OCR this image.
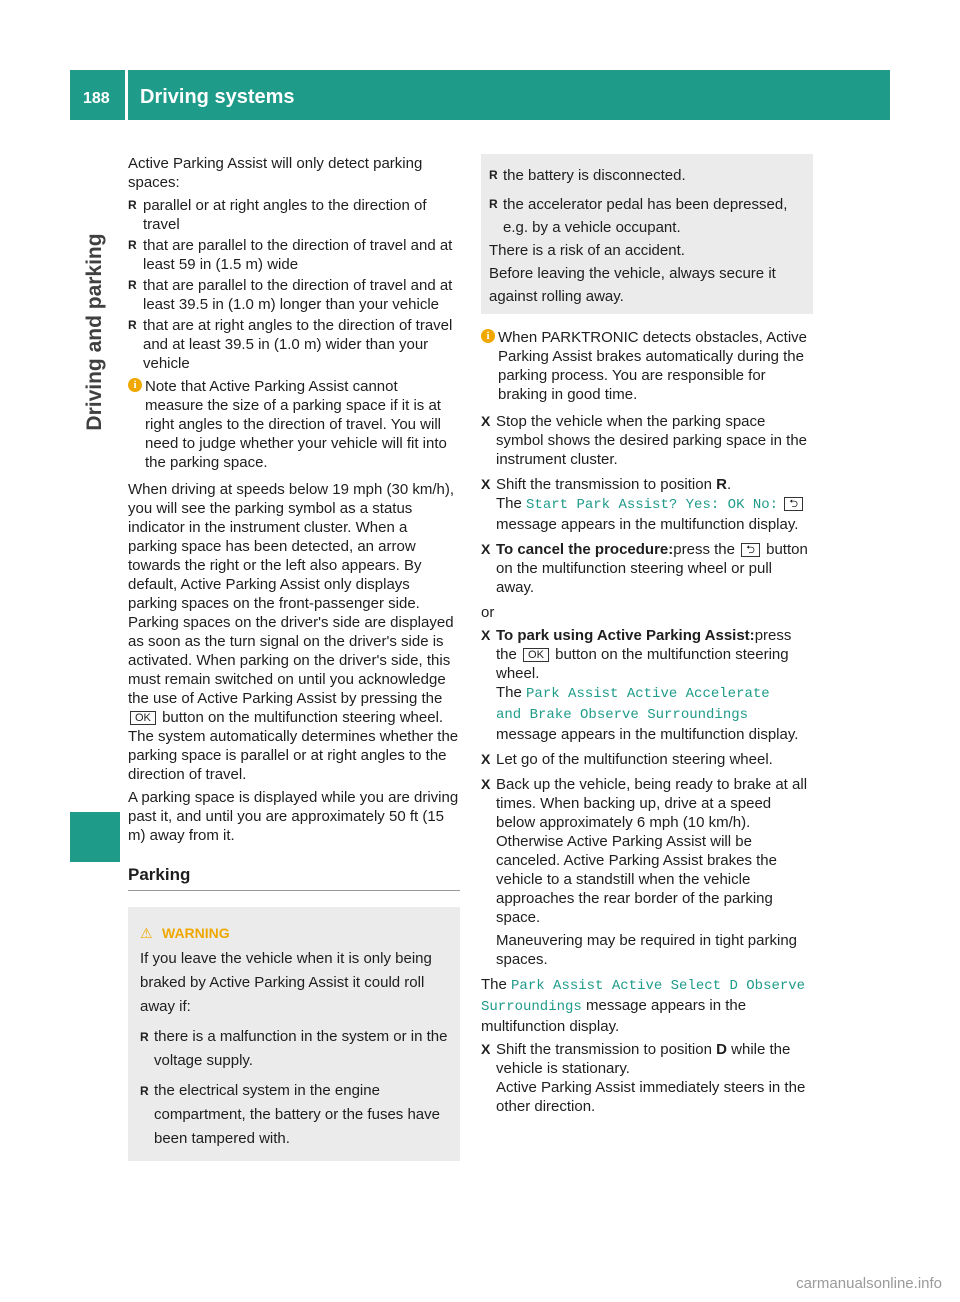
188 Driving systems
Driving and parking

Active Parking Assist will only detect parking spaces:

R parallel or at right angles to the direction of travel
R that are parallel to the direction of travel and at least 59 in (1.5 m) wide
R that are parallel to the direction of travel and at least 39.5 in (1.0 m) longer than your vehicle
R that are at right angles to the direction of travel and at least 39.5 in (1.0 m) wider than your vehicle
i Note that Active Parking Assist cannot measure the size of a parking space if it is at right angles to the direction of travel. You will need to judge whether your vehicle will fit into the parking space.

When driving at speeds below 19 mph (30 km/h), you will see the parking symbol as a status indicator in the instrument cluster. When a parking space has been detected, an arrow towards the right or the left also appears. By default, Active Parking Assist only displays parking spaces on the front-passenger side. Parking spaces on the driver's side are displayed as soon as the turn signal on the driver's side is activated. When parking on the driver's side, this must remain switched on until you acknowledge the use of Active Parking Assist by pressing the OK button on the multifunction steering wheel. The system automatically determines whether the parking space is parallel or at right angles to the direction of travel.

A parking space is displayed while you are driving past it, and until you are approximately 50 ft (15 m) away from it.

Parking
⚠ WARNING
If you leave the vehicle when it is only being braked by Active Parking Assist it could roll away if:
R there is a malfunction in the system or in the voltage supply.
R the electrical system in the engine compartment, the battery or the fuses have been tampered with.
R the battery is disconnected.
R the accelerator pedal has been depressed, e.g. by a vehicle occupant.
There is a risk of an accident.
Before leaving the vehicle, always secure it against rolling away.
i When PARKTRONIC detects obstacles, Active Parking Assist brakes automatically during the parking process. You are responsible for braking in good time.
X Stop the vehicle when the parking space symbol shows the desired parking space in the instrument cluster.
X Shift the transmission to position R.
The Start Park Assist? Yes: OK No: ⮌ message appears in the multifunction display.
X To cancel the procedure:press the ⮌ button on the multifunction steering wheel or pull away.

or

X To park using Active Parking Assist:press the OK button on the multifunction steering wheel.
The Park Assist Active Accelerate
and Brake Observe Surroundings message appears in the multifunction display.
X Let go of the multifunction steering wheel.
X Back up the vehicle, being ready to brake at all times. When backing up, drive at a speed below approximately 6 mph (10 km/h). Otherwise Active Parking Assist will be canceled. Active Parking Assist brakes the vehicle to a standstill when the vehicle approaches the rear border of the parking space.
Maneuvering may be required in tight parking spaces.

The Park Assist Active Select D Observe
Surroundings message appears in the multifunction display.

X Shift the transmission to position D while the vehicle is stationary.
Active Parking Assist immediately steers in the other direction.
carmanualsonline.info
